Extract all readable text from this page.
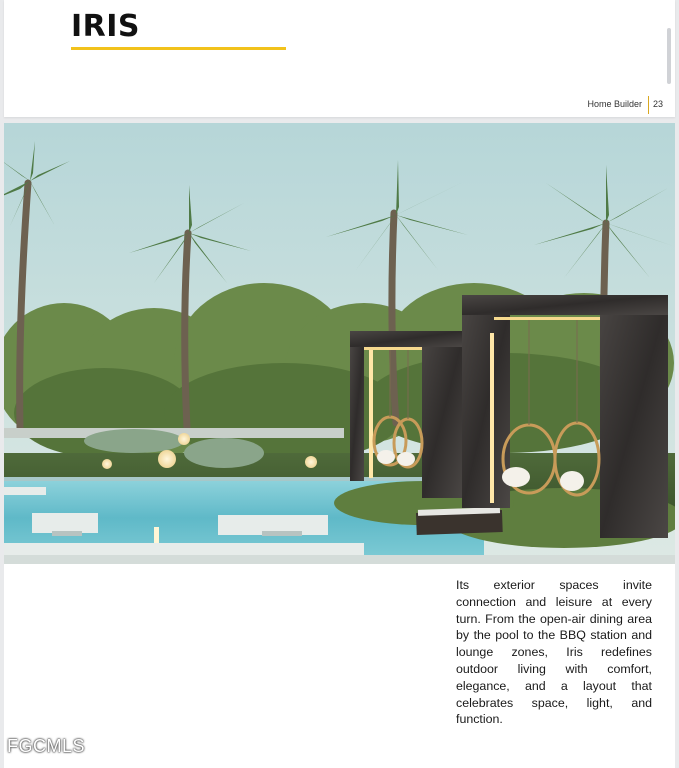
IRIS
Home Builder 23

Its exterior spaces invite connection and leisure at every turn. From the open-air dining area by the pool to the BBQ station and lounge zones, Iris redefines outdoor living with comfort, elegance, and a layout that celebrates space, light, and function.

FGCMLS
